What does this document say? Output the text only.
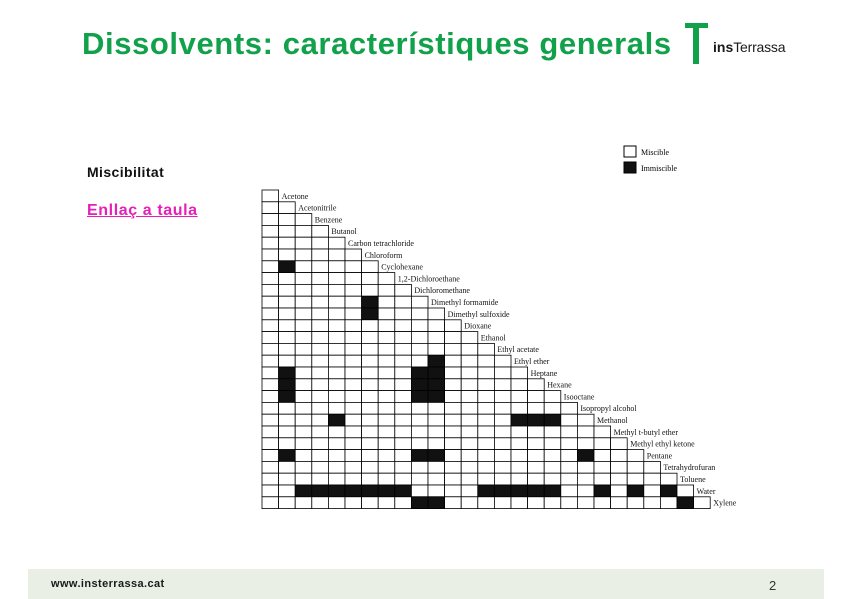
Dissolvents: característiques generals	insTerrassa
Miscibilitat
Enllaç a taula
Miscible
Immiscible
Acetone
Acetonitrile
Benzene
Butanol
Carbon tetrachloride
Chloroform
Cyclohexane
1,2-Dichloroethane
Dichloromethane
Dimethyl formamide
Dimethyl sulfoxide
Dioxane
Ethanol
Ethyl acetate
Ethyl ether
Heptane
Hexane
Isooctane
Isopropyl alcohol
Methanol
Methyl t-butyl ether
Methyl ethyl ketone
Pentane
Tetrahydrofuran
Toluene
Water
Xylene
www.insterrassa.cat	2
